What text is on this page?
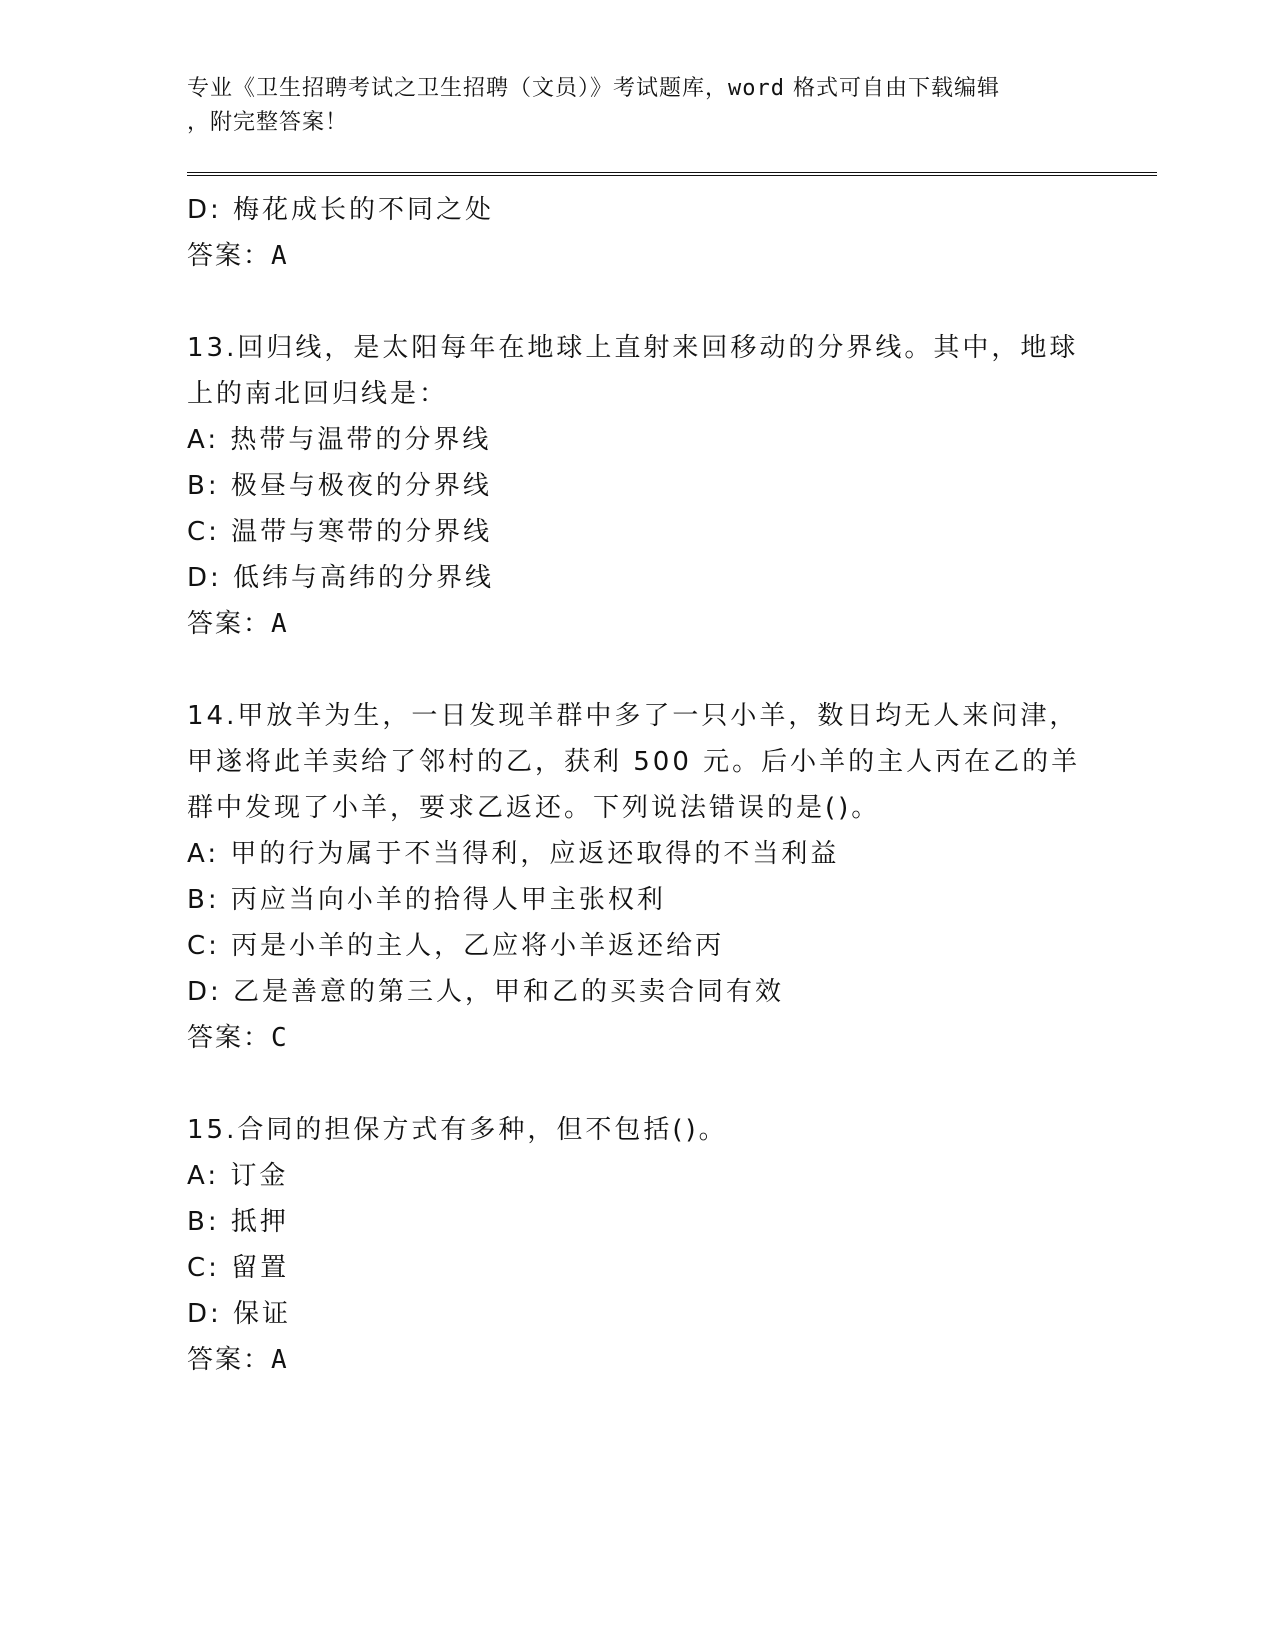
专业《卫生招聘考试之卫生招聘（文员）》考试题库，word 格式可自由下载编辑
，附完整答案！
D: 梅花成长的不同之处
答案：A
13.回归线，是太阳每年在地球上直射来回移动的分界线。其中，地球
上的南北回归线是：
A: 热带与温带的分界线
B: 极昼与极夜的分界线
C: 温带与寒带的分界线
D: 低纬与高纬的分界线
答案：A
14.甲放羊为生，一日发现羊群中多了一只小羊，数日均无人来问津，
甲遂将此羊卖给了邻村的乙，获利 500 元。后小羊的主人丙在乙的羊
群中发现了小羊，要求乙返还。下列说法错误的是()。
A: 甲的行为属于不当得利，应返还取得的不当利益
B: 丙应当向小羊的拾得人甲主张权利
C: 丙是小羊的主人，乙应将小羊返还给丙
D: 乙是善意的第三人，甲和乙的买卖合同有效
答案：C
15.合同的担保方式有多种，但不包括()。
A: 订金
B: 抵押
C: 留置
D: 保证
答案：A
